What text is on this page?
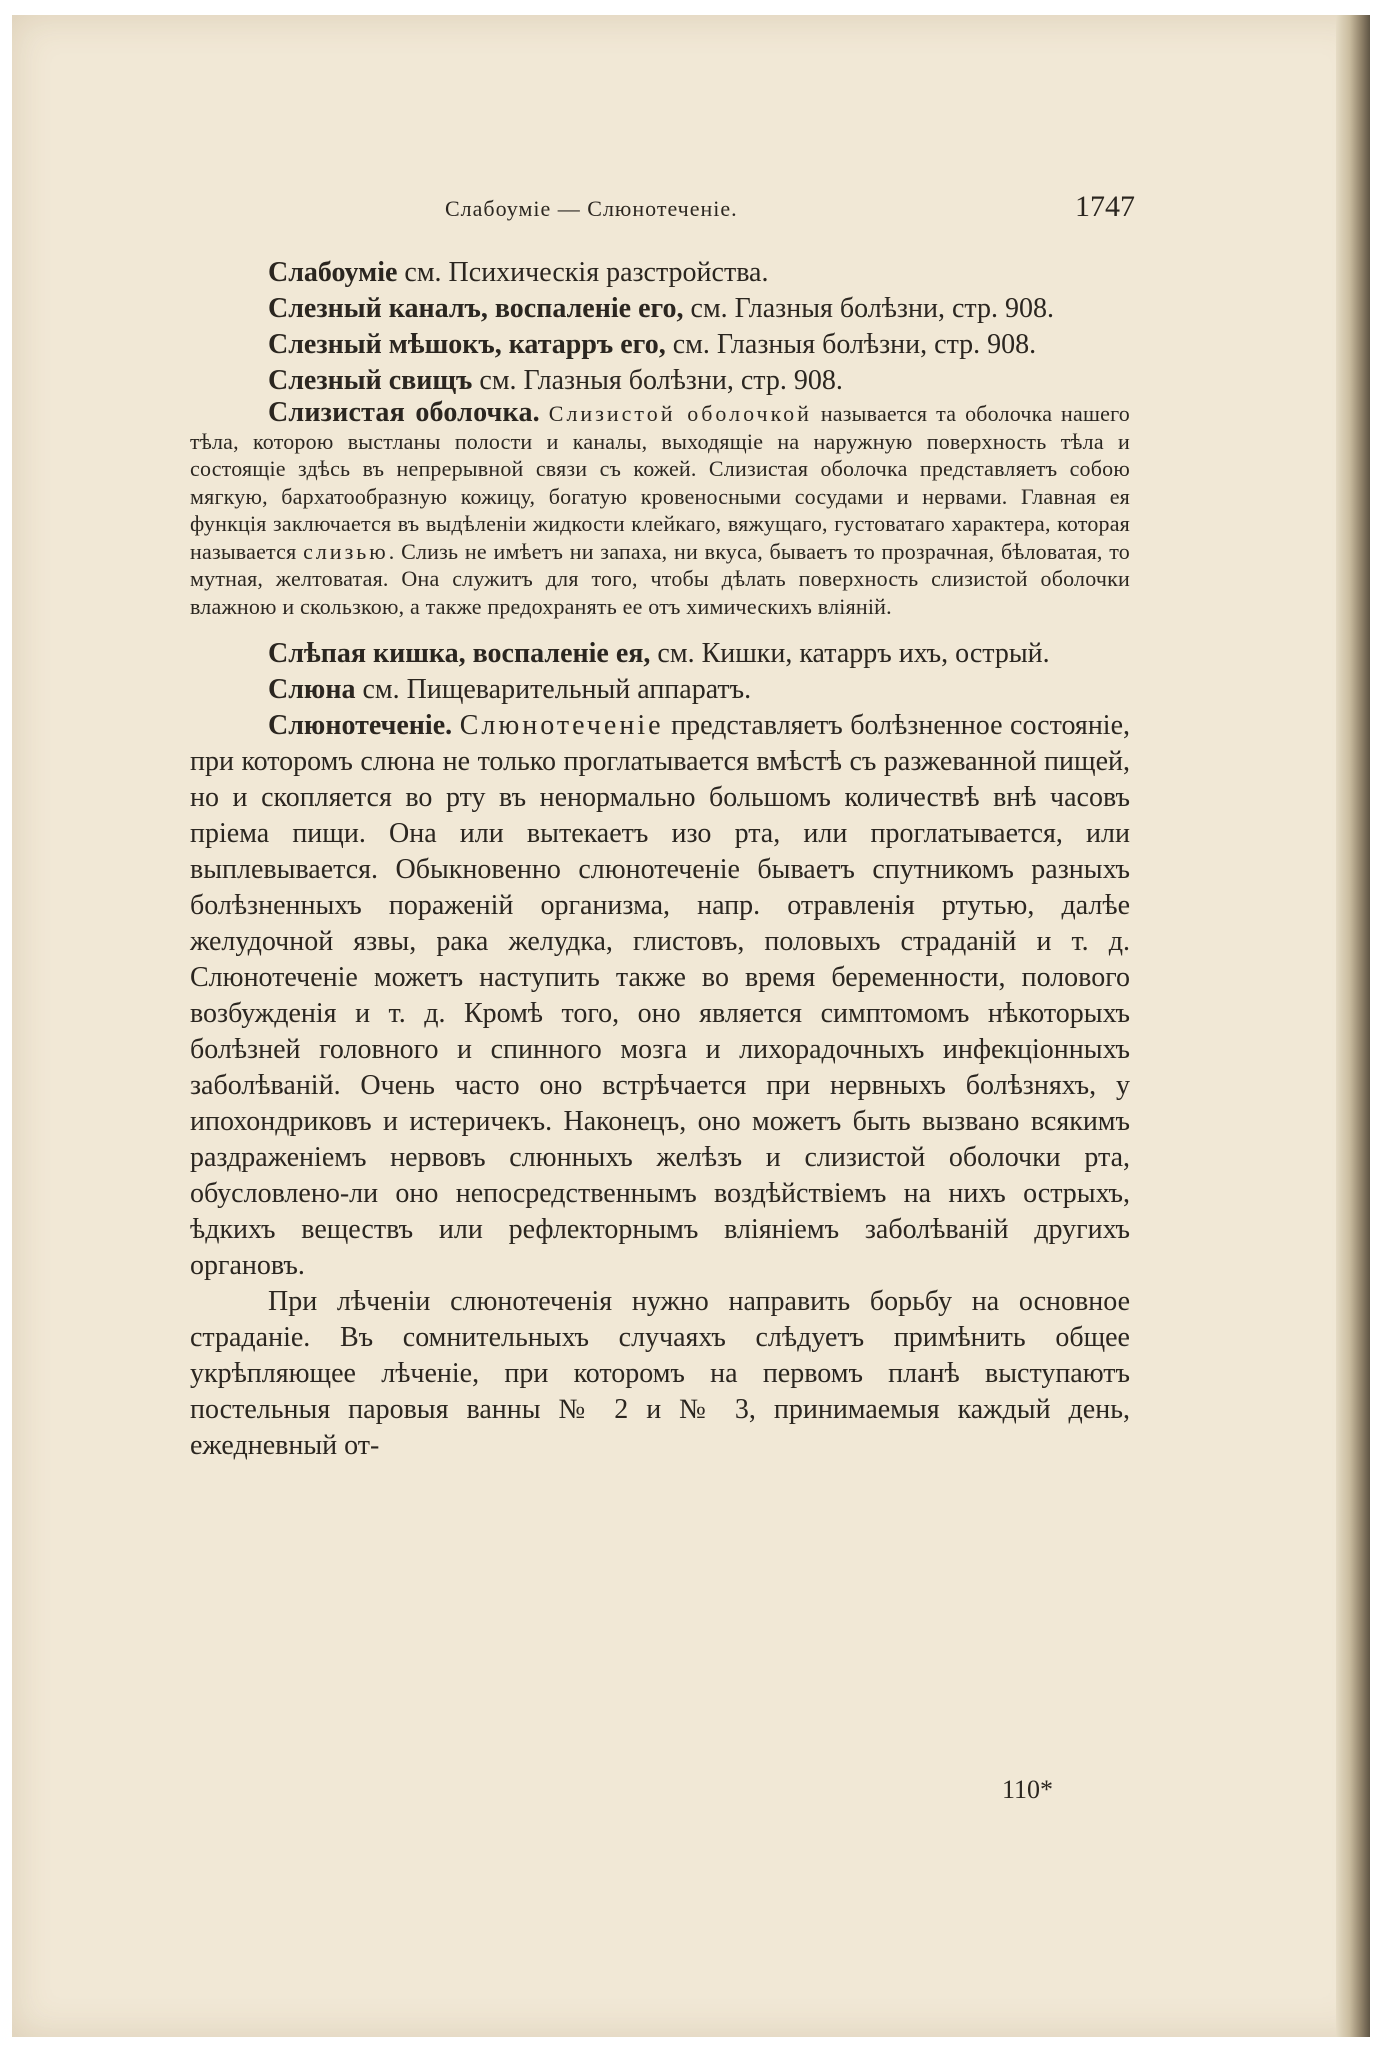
Слабоумie — Слюнотеченie.	1747

Слабоумie см. Психическiя разстройства.

Слезный каналъ, воспаленie его, см. Глазныя болѣзни, стр. 908.

Слезный мѣшокъ, катарръ его, см. Глазныя болѣзни, стр. 908.

Слезный свищъ см. Глазныя болѣзни, стр. 908.

Слизистая оболочка. Слизистой оболочкой называется та оболочка нашего тѣла, которою выстланы полости и каналы, выходящiе на наружную поверхность тѣла и состоящiе здѣсь въ непрерывной связи съ кожей. Слизистая оболочка представляетъ собою мягкую, бархатообразную кожицу, богатую кровеносными сосудами и нервами. Главная ея функцiя заключается въ выдѣленiи жидкости клейкаго, вяжущаго, густоватаго характера, которая называется слизью. Слизь не имѣетъ ни запаха, ни вкуса, бываетъ то прозрачная, бѣловатая, то мутная, желтоватая. Она служитъ для того, чтобы дѣлать поверхность слизистой оболочки влажною и скользкою, а также предохранять ее отъ химическихъ влiянiй.

Слѣпая кишка, воспаленie ея, см. Кишки, катарръ ихъ, острый.

Слюна см. Пищеварительный аппаратъ.

Слюнотеченie. Слюнотеченie представляетъ болѣзненное состоянiе, при которомъ слюна не только проглатывается вмѣстѣ съ разжеванной пищей, но и скопляется во рту въ ненормально большомъ количествѣ внѣ часовъ прiема пищи. Она или вытекаетъ изо рта, или проглатывается, или выплевывается. Обыкновенно слюнотеченie бываетъ спутникомъ разныхъ болѣзненныхъ пораженiй организма, напр. отравленiя ртутью, далѣе желудочной язвы, рака желудка, глистовъ, половыхъ страданiй и т. д. Слюнотеченie можетъ наступить также во время беременности, полового возбужденiя и т. д. Кромѣ того, оно является симптомомъ нѣкоторыхъ болѣзней головного и спинного мозга и лихорадочныхъ инфекцiонныхъ заболѣванiй. Очень часто оно встрѣчается при нервныхъ болѣзняхъ, у ипохондриковъ и истеричекъ. Наконецъ, оно можетъ быть вызвано всякимъ раздраженiемъ нервовъ слюнныхъ желѣзъ и слизистой оболочки рта, обусловлено-ли оно непосредственнымъ воздѣйствiемъ на нихъ острыхъ, ѣдкихъ веществъ или рефлекторнымъ влiянiемъ заболѣванiй другихъ органовъ.

При лѣченiи слюнотеченiя нужно направить борьбу на основное страданie. Въ сомнительныхъ случаяхъ слѣдуетъ примѣнить общее укрѣпляющее лѣченie, при которомъ на первомъ планѣ выступаютъ постельныя паровыя ванны № 2 и № 3, принимаемыя каждый день, ежедневный от-

110*
